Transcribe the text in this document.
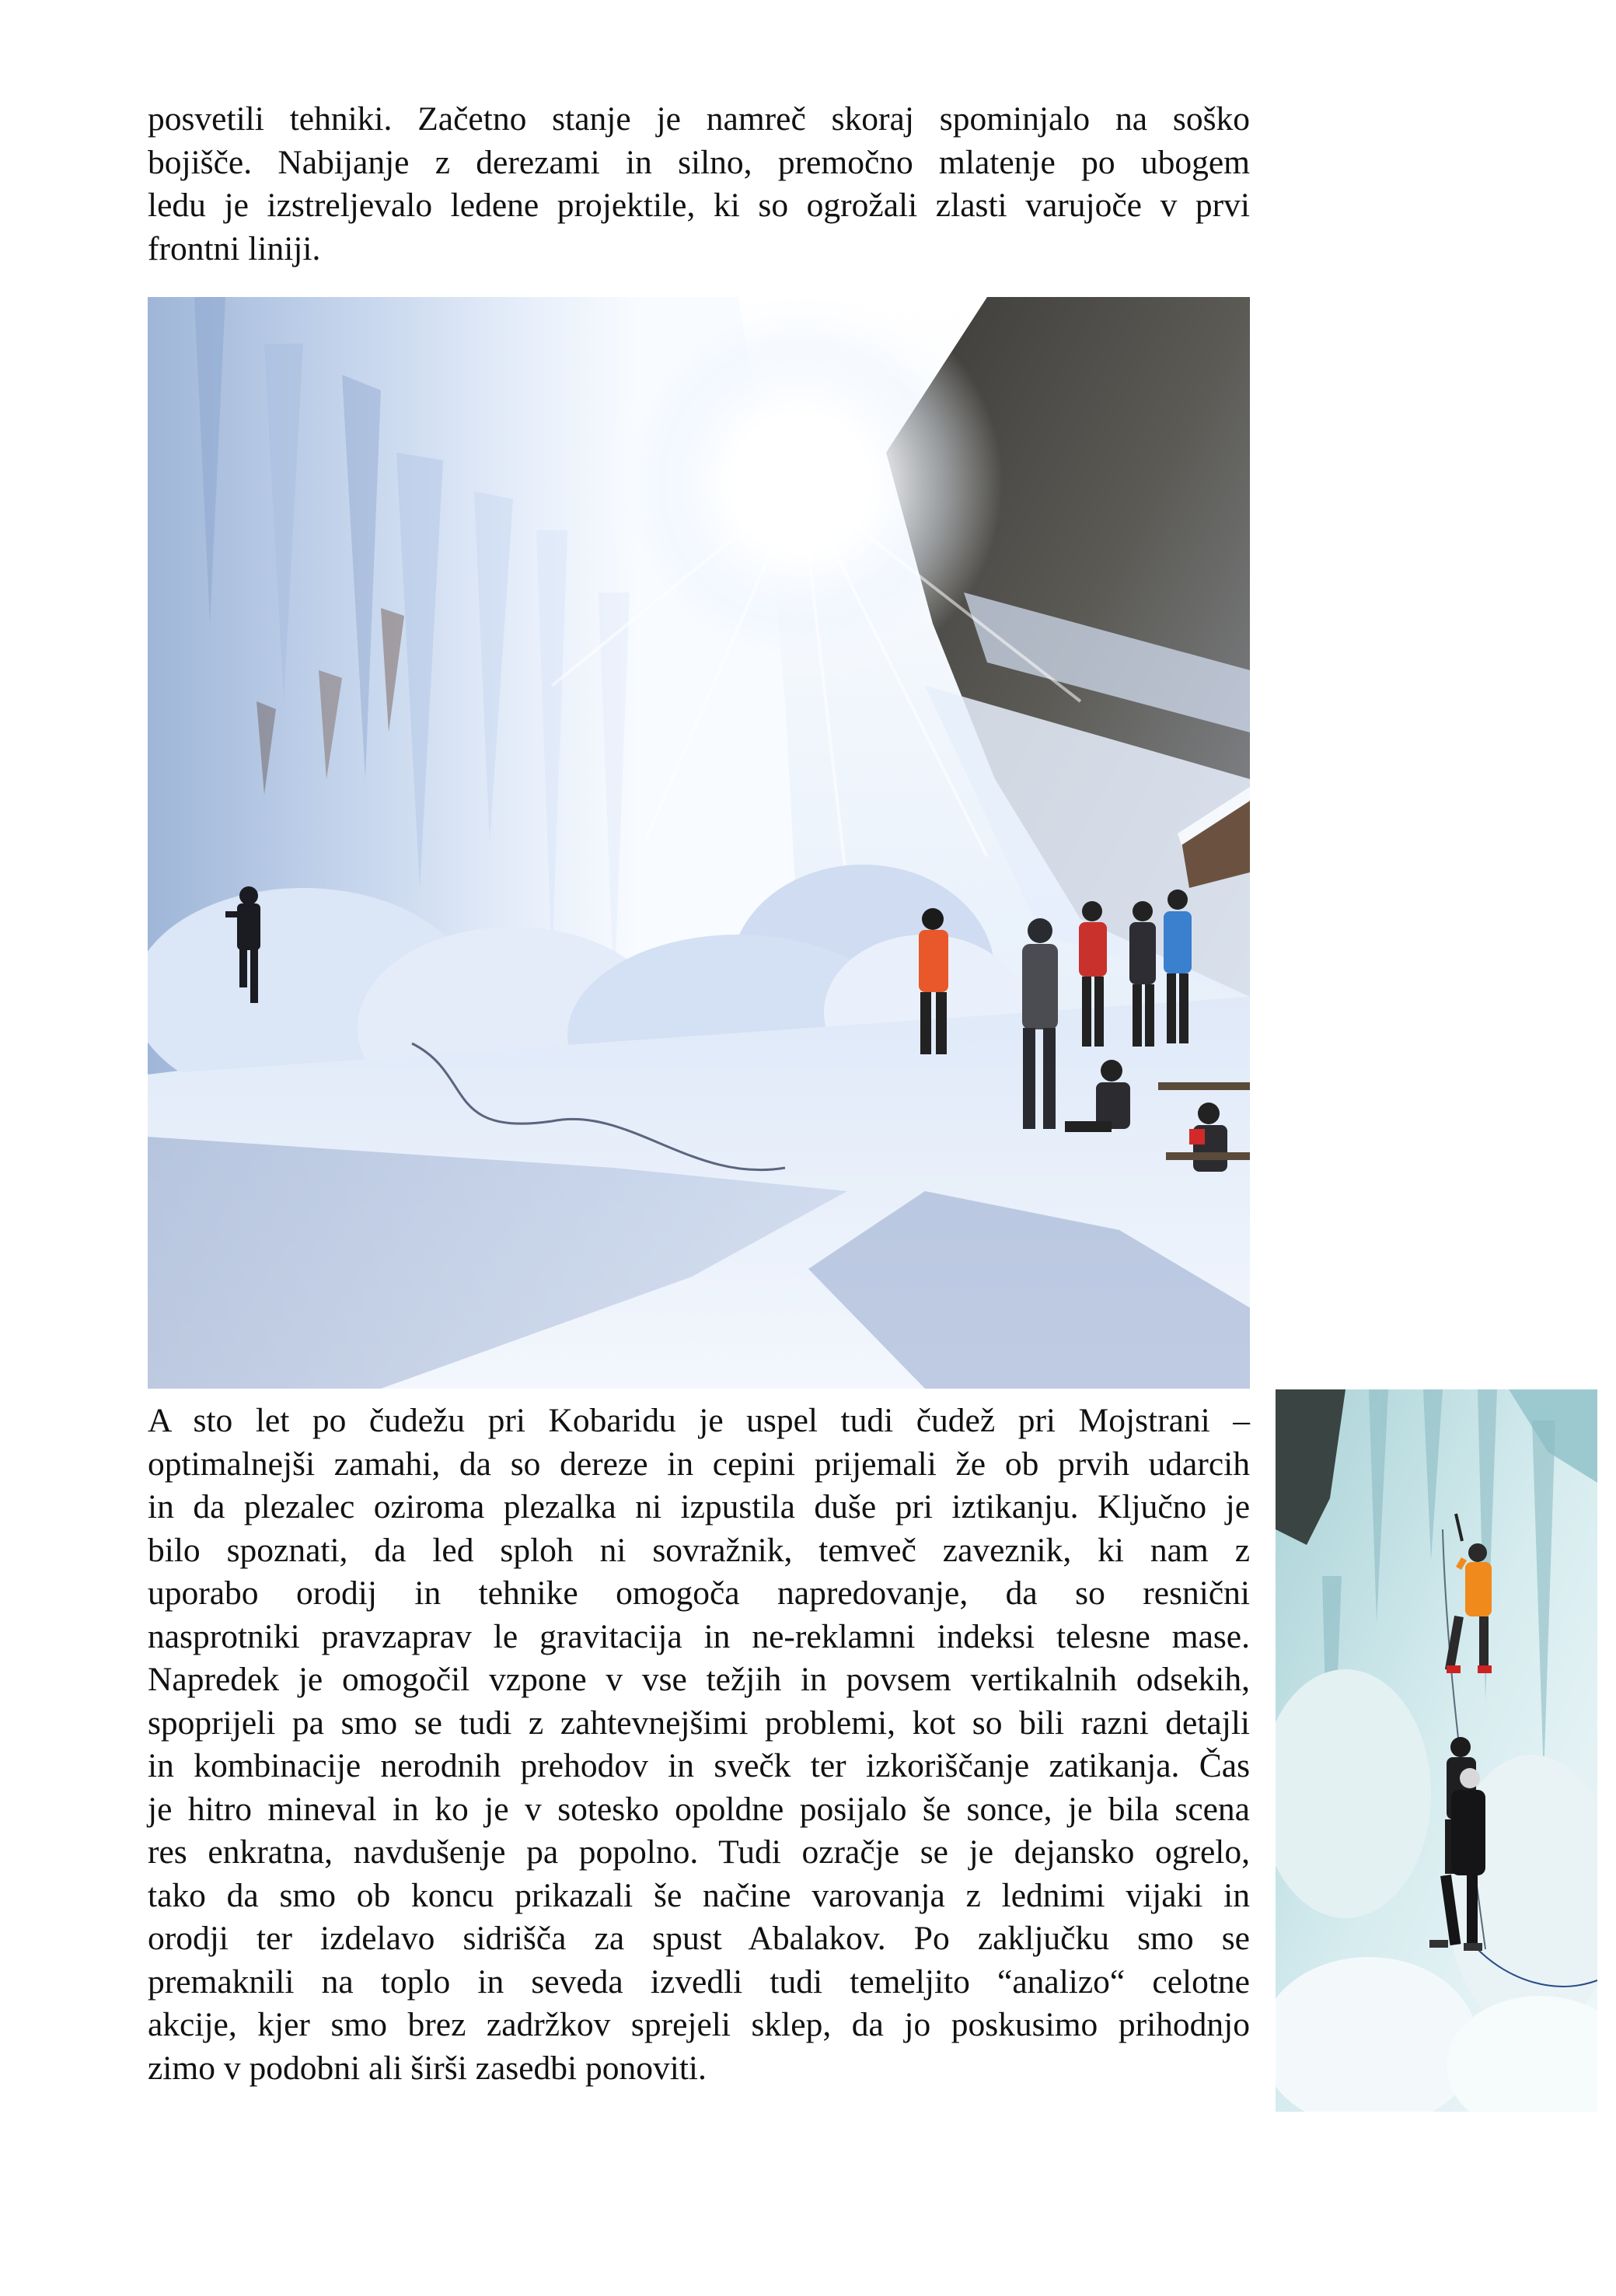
posvetili tehniki. Začetno stanje je namreč skoraj spominjalo na soško
bojišče. Nabijanje z derezami in silno, premočno mlatenje po ubogem
ledu je izstreljevalo ledene projektile, ki so ogrožali zlasti varujoče v prvi
frontni liniji.
A sto let po čudežu pri Kobaridu je uspel tudi čudež pri Mojstrani –
optimalnejši zamahi, da so dereze in cepini prijemali že ob prvih udarcih
in da plezalec oziroma plezalka ni izpustila duše pri iztikanju. Ključno je
bilo spoznati, da led sploh ni sovražnik, temveč zaveznik, ki nam z
uporabo orodij in tehnike omogoča napredovanje, da so resnični
nasprotniki pravzaprav le gravitacija in ne-reklamni indeksi telesne mase.
Napredek je omogočil vzpone v vse težjih in povsem vertikalnih odsekih,
spoprijeli pa smo se tudi z zahtevnejšimi problemi, kot so bili razni detajli
in kombinacije nerodnih prehodov in svečk ter izkoriščanje zatikanja. Čas
je hitro mineval in ko je v sotesko opoldne posijalo še sonce, je bila scena
res enkratna, navdušenje pa popolno. Tudi ozračje se je dejansko ogrelo,
tako da smo ob koncu prikazali še načine varovanja z lednimi vijaki in
orodji ter izdelavo sidrišča za spust Abalakov. Po zaključku smo se
premaknili na toplo in seveda izvedli tudi temeljito “analizo“ celotne
akcije, kjer smo brez zadržkov sprejeli sklep, da jo poskusimo prihodnjo
zimo v podobni ali širši zasedbi ponoviti.
